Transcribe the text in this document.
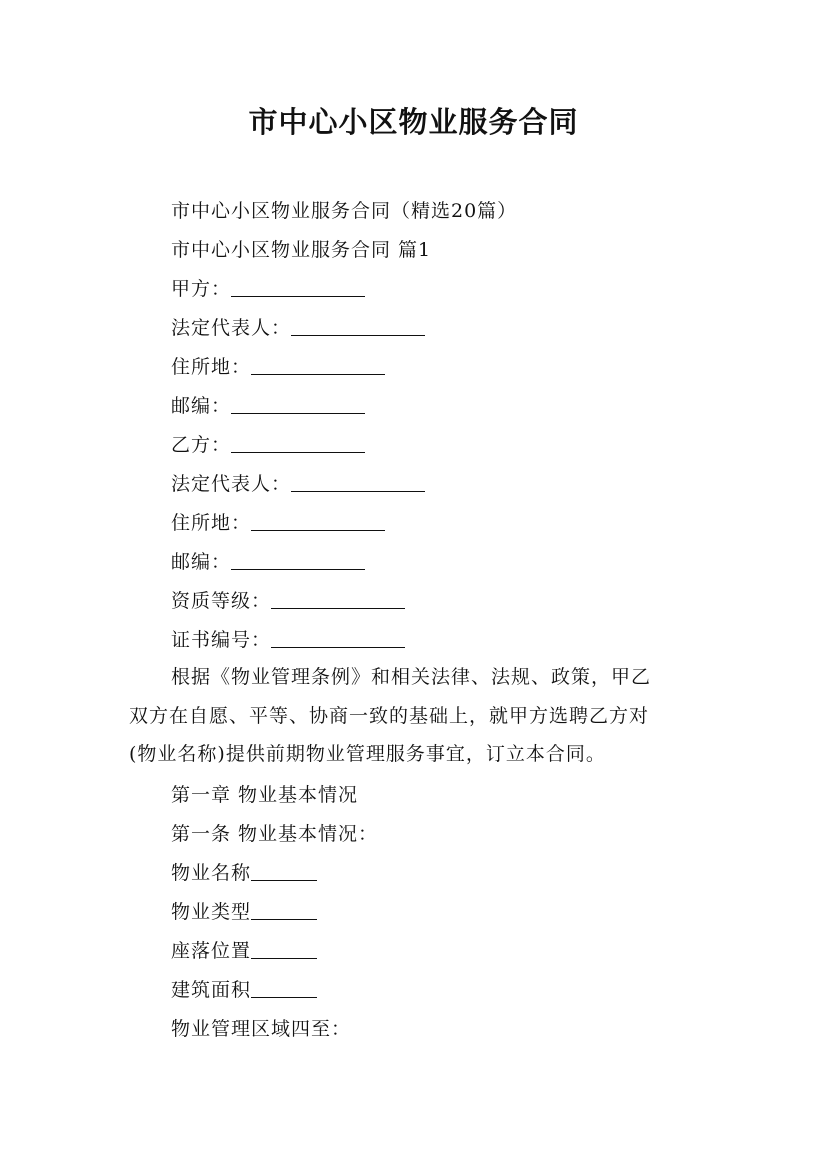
市中心小区物业服务合同
市中心小区物业服务合同（精选20篇）
市中心小区物业服务合同 篇1
甲方：
法定代表人：
住所地：
邮编：
乙方：
法定代表人：
住所地：
邮编：
资质等级：
证书编号：
根据《物业管理条例》和相关法律、法规、政策，甲乙
双方在自愿、平等、协商一致的基础上，就甲方选聘乙方对
(物业名称)提供前期物业管理服务事宜，订立本合同。
第一章 物业基本情况
第一条 物业基本情况：
物业名称
物业类型
座落位置
建筑面积
物业管理区域四至：
